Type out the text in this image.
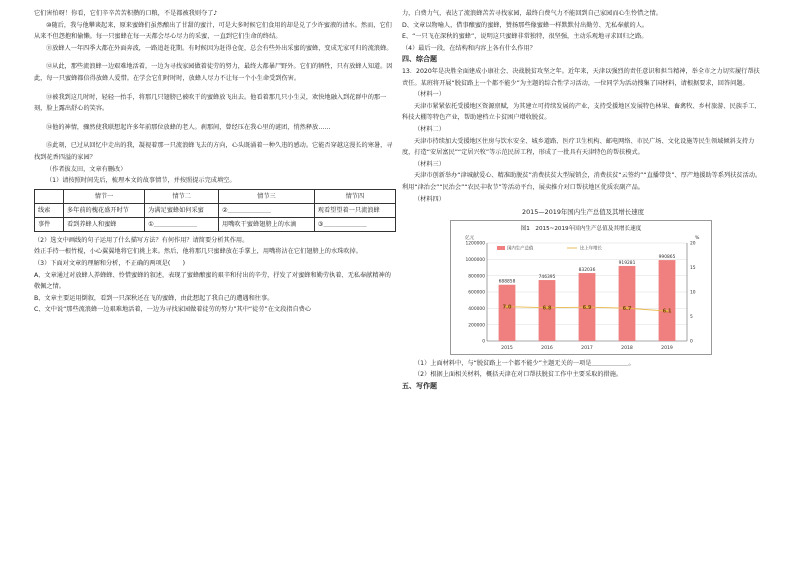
它们害怕呀！你看，它们辛辛苦苦积攒的口粮，不是都被我则夺了♪

⑩随后，我与他攀谈起来，原来蜜蜂们虽然酿出了甘甜的蜜汁，可是大多时候它们食用的却是兑了少许蜜液的清水。然而，它们从来不但怨抱和偷懒。每一只蜜蜂在每一天都会尽心尽力的采蜜，一直到它们生命的终结。

⑪放蜂人一年四季大都在外面奔波，一路追赶花期。有时候因为赶得仓促，总会有些外出采蜜的蜜蜂，变成无家可归的流浪蜂。

⑫从此，那些流浪蜂一边艰难地活着，一边为寻找家园做着徒劳的努力，最终大都暴尸野外。它们的牺牲，只有放蜂人知道。因此，每一只蜜蜂都倍得放蜂人爱惜。在学会它们时时时，放蜂人尽力不让每一个小生命受到伤害。

⑬被我到这几时时，轻轻一抬手，将那几只翅膀已被吹干的蜜蜂放飞出去。他看着那几只小生灵，欢快地融入到花群中的那一刻，脸上露出舒心的笑容。

⑭他的神情，骤然使我联想起许多年前那位放蜂的老人。刹那间，曾经压在我心里的谜团，悄然释放……

⑮此刻，已过从回忆中走出的我，凝视着那一只流浪蜂飞去的方向，心头既涌着一种久违的感动。它能否穿越这漫长的寒暑，寻找到花香四溢的家园？

（作者拔友田，文章有删改）

（1）请按照时间先后，梳理本文的故事情节，并按照提示完成填空。

	情节一	情节二	情节三	情节四
线索	多年前的槐花盛开时节	为满足蜜蜂如何采蜜	②＿＿＿＿＿＿＿	观看望望着一只流浪蜂
事件	看到养蜂人和蜜蜂	①＿＿＿＿＿＿＿	用嘴吹干蜜蜂翅膀上的水滴	③＿＿＿＿＿＿＿

（2）选文中画线的句子运用了什么描写方法？有何作用？请简要分析其作用。

姓正手持一根竹棍，小心翼翼地将它们挑上来。然后，他将那几只蜜蜂放在手掌上，用嘴将沾在它们翅膀上的水珠吹掉。

（3）下面对文章的理解和分析，不正确的两项是(　　)

A、文章通过对放蜂人养蜂蜂、怜惜蜜蜂的叙述，表现了蜜蜂酿蜜的艰辛和付出的辛劳，抒发了对蜜蜂和勤劳执着、无私奉献精神的敬佩之情。

B、文章主要运用倒叙，看到一只深秋还在飞的蜜蜂，由此想起了我自己的遭遇和往事。

C、文中说“那些流浪蜂一边艰难地活着，一边为寻找家园做着徒劳的努力”其中“徒劳”在文段指自费心

力，白费力气，表达了流浪蜂苦苦寻找家园，最终白费气力不能回到自己家园而心生怜惜之情。

D、文章以物喻人，借事酿蜜的蜜蜂，赞扬那些像蜜蜂一样默默付出勤劳、无私奉献的人。

E、“一只飞在深秋的蜜蜂”，说明这只蜜蜂非常独特，很坚强，主动乐观地寻求回归之路。

（4）最后一段，在结构和内容上各有什么作用？

四、综合题

13．2020年是决胜全面建成小康社会、决战脱贫攻坚之年。近年来，天津以强烈的责任意识和担当精神，举全市之力切实履行帮扶责任。某班将开展“脱贫路上一个都不能少”为主题的综合性学习活动，一位同学为活动搜集了国材料，请根据要求，回答问题。

（材料一）

天津市紧紧依托受援地区资源禀赋，为其建立可持续发展的产业，支持受援地区发展特色林果、畜禽牧、乡村旅游、民族手工、科技大棚等特色产业，帮助建档立卡贫困户增收脱贫。

（材料二）

天津市持续加大受援地区住房与饮水安全、城乡道路、医疗卫生机构、邮电网络、市民广场、文化设施等民生领域倾斜支持力度，打造“安居富民”“定居兴牧”等示范民居工程，形成了一批具有天津特色的帮扶模式。

（材料三）

天津市创新举办“津城献爱心、精准助脱贫”消费扶贫大型展销会，消费扶贫“云签约”“直播带货”、厚产地援助等系列扶贫活动。利用“津治会”“民治会”“农民丰收节”等活动平台，展卖推介对口帮扶地区优质农副产品。

（材料四）

2015—2019年国内生产总值及其增长速度

图1　2015~2019年国内生产总值及其增长速度
亿元	%
0
200000
400000
600000
800000
1000000
1200000
0
5
10
15
20
688858
2015
746395
2016
832036
2017
919281
2018
990865
2019
7.0	6.8	6.9	6.7	6.1
国内生产总值	比上年增长

（1）上面材料中，与“脱贫路上一个都不能少”主题无关的一项是＿＿＿＿＿＿。

（2）根据上面相关材料，概括天津在对口帮扶脱贫工作中主要采取的措施。

五、写作题
